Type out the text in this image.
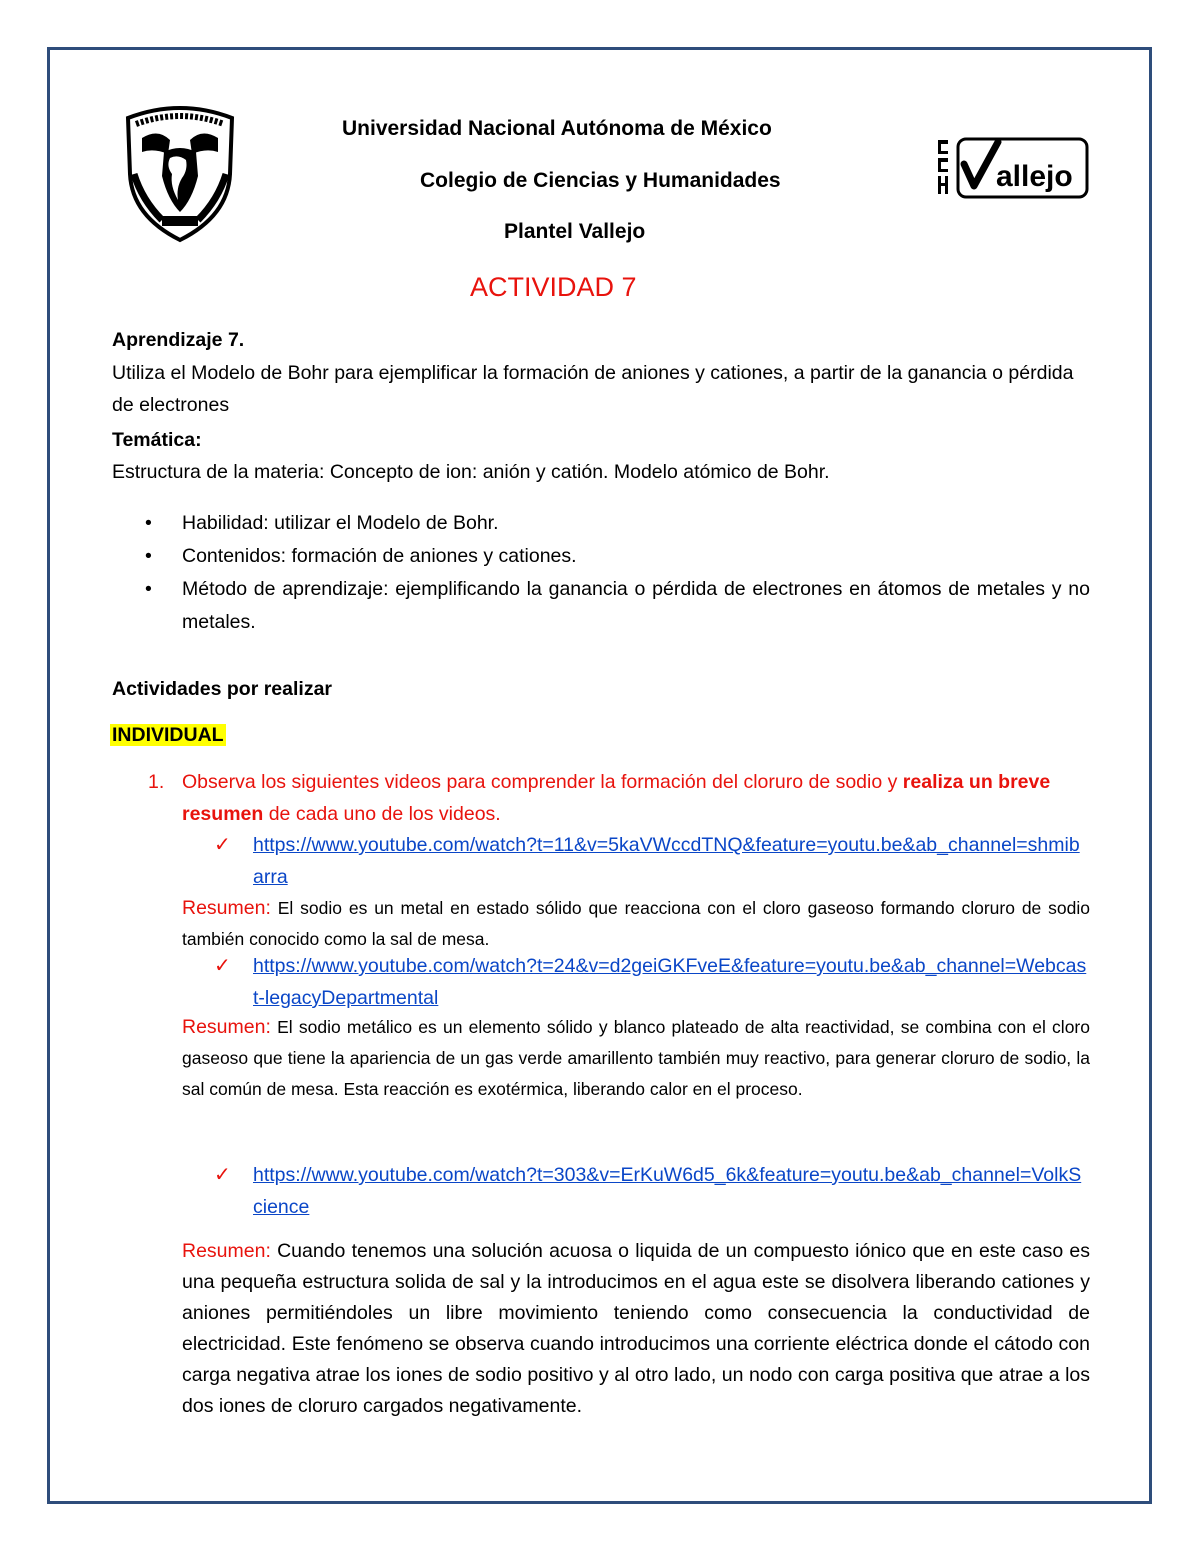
allejo
Universidad Nacional Autónoma de México
Colegio de Ciencias y Humanidades
Plantel Vallejo
ACTIVIDAD 7
Aprendizaje 7.
Utiliza el Modelo de Bohr para ejemplificar la formación de aniones y cationes, a partir de la ganancia o pérdida de electrones
Temática:
Estructura de la materia: Concepto de ion: anión y catión. Modelo atómico de Bohr.
• Habilidad: utilizar el Modelo de Bohr.
• Contenidos: formación de aniones y cationes.
• Método de aprendizaje: ejemplificando la ganancia o pérdida de electrones en átomos de metales y no metales.
Actividades por realizar
INDIVIDUAL
1. Observa los siguientes videos para comprender la formación del cloruro de sodio y realiza un breve resumen de cada uno de los videos.
✓ https://www.youtube.com/watch?t=11&v=5kaVWccdTNQ&feature=youtu.be&ab_channel=shmibarra
Resumen: El sodio es un metal en estado sólido que reacciona con el cloro gaseoso formando cloruro de sodio también conocido como la sal de mesa.
✓ https://www.youtube.com/watch?t=24&v=d2geiGKFveE&feature=youtu.be&ab_channel=Webcast-legacyDepartmental
Resumen: El sodio metálico es un elemento sólido y blanco plateado de alta reactividad, se combina con el cloro gaseoso que tiene la apariencia de un gas verde amarillento también muy reactivo, para generar cloruro de sodio, la sal común de mesa. Esta reacción es exotérmica, liberando calor en el proceso.
✓ https://www.youtube.com/watch?t=303&v=ErKuW6d5_6k&feature=youtu.be&ab_channel=VolkScience
Resumen: Cuando tenemos una solución acuosa o liquida de un compuesto iónico que en este caso es una pequeña estructura solida de sal y la introducimos en el agua este se disolvera liberando cationes y aniones permitiéndoles un libre movimiento teniendo como consecuencia la conductividad de electricidad. Este fenómeno se observa cuando introducimos una corriente eléctrica donde el cátodo con carga negativa atrae los iones de sodio positivo y al otro lado, un nodo con carga positiva que atrae a los dos iones de cloruro cargados negativamente.
